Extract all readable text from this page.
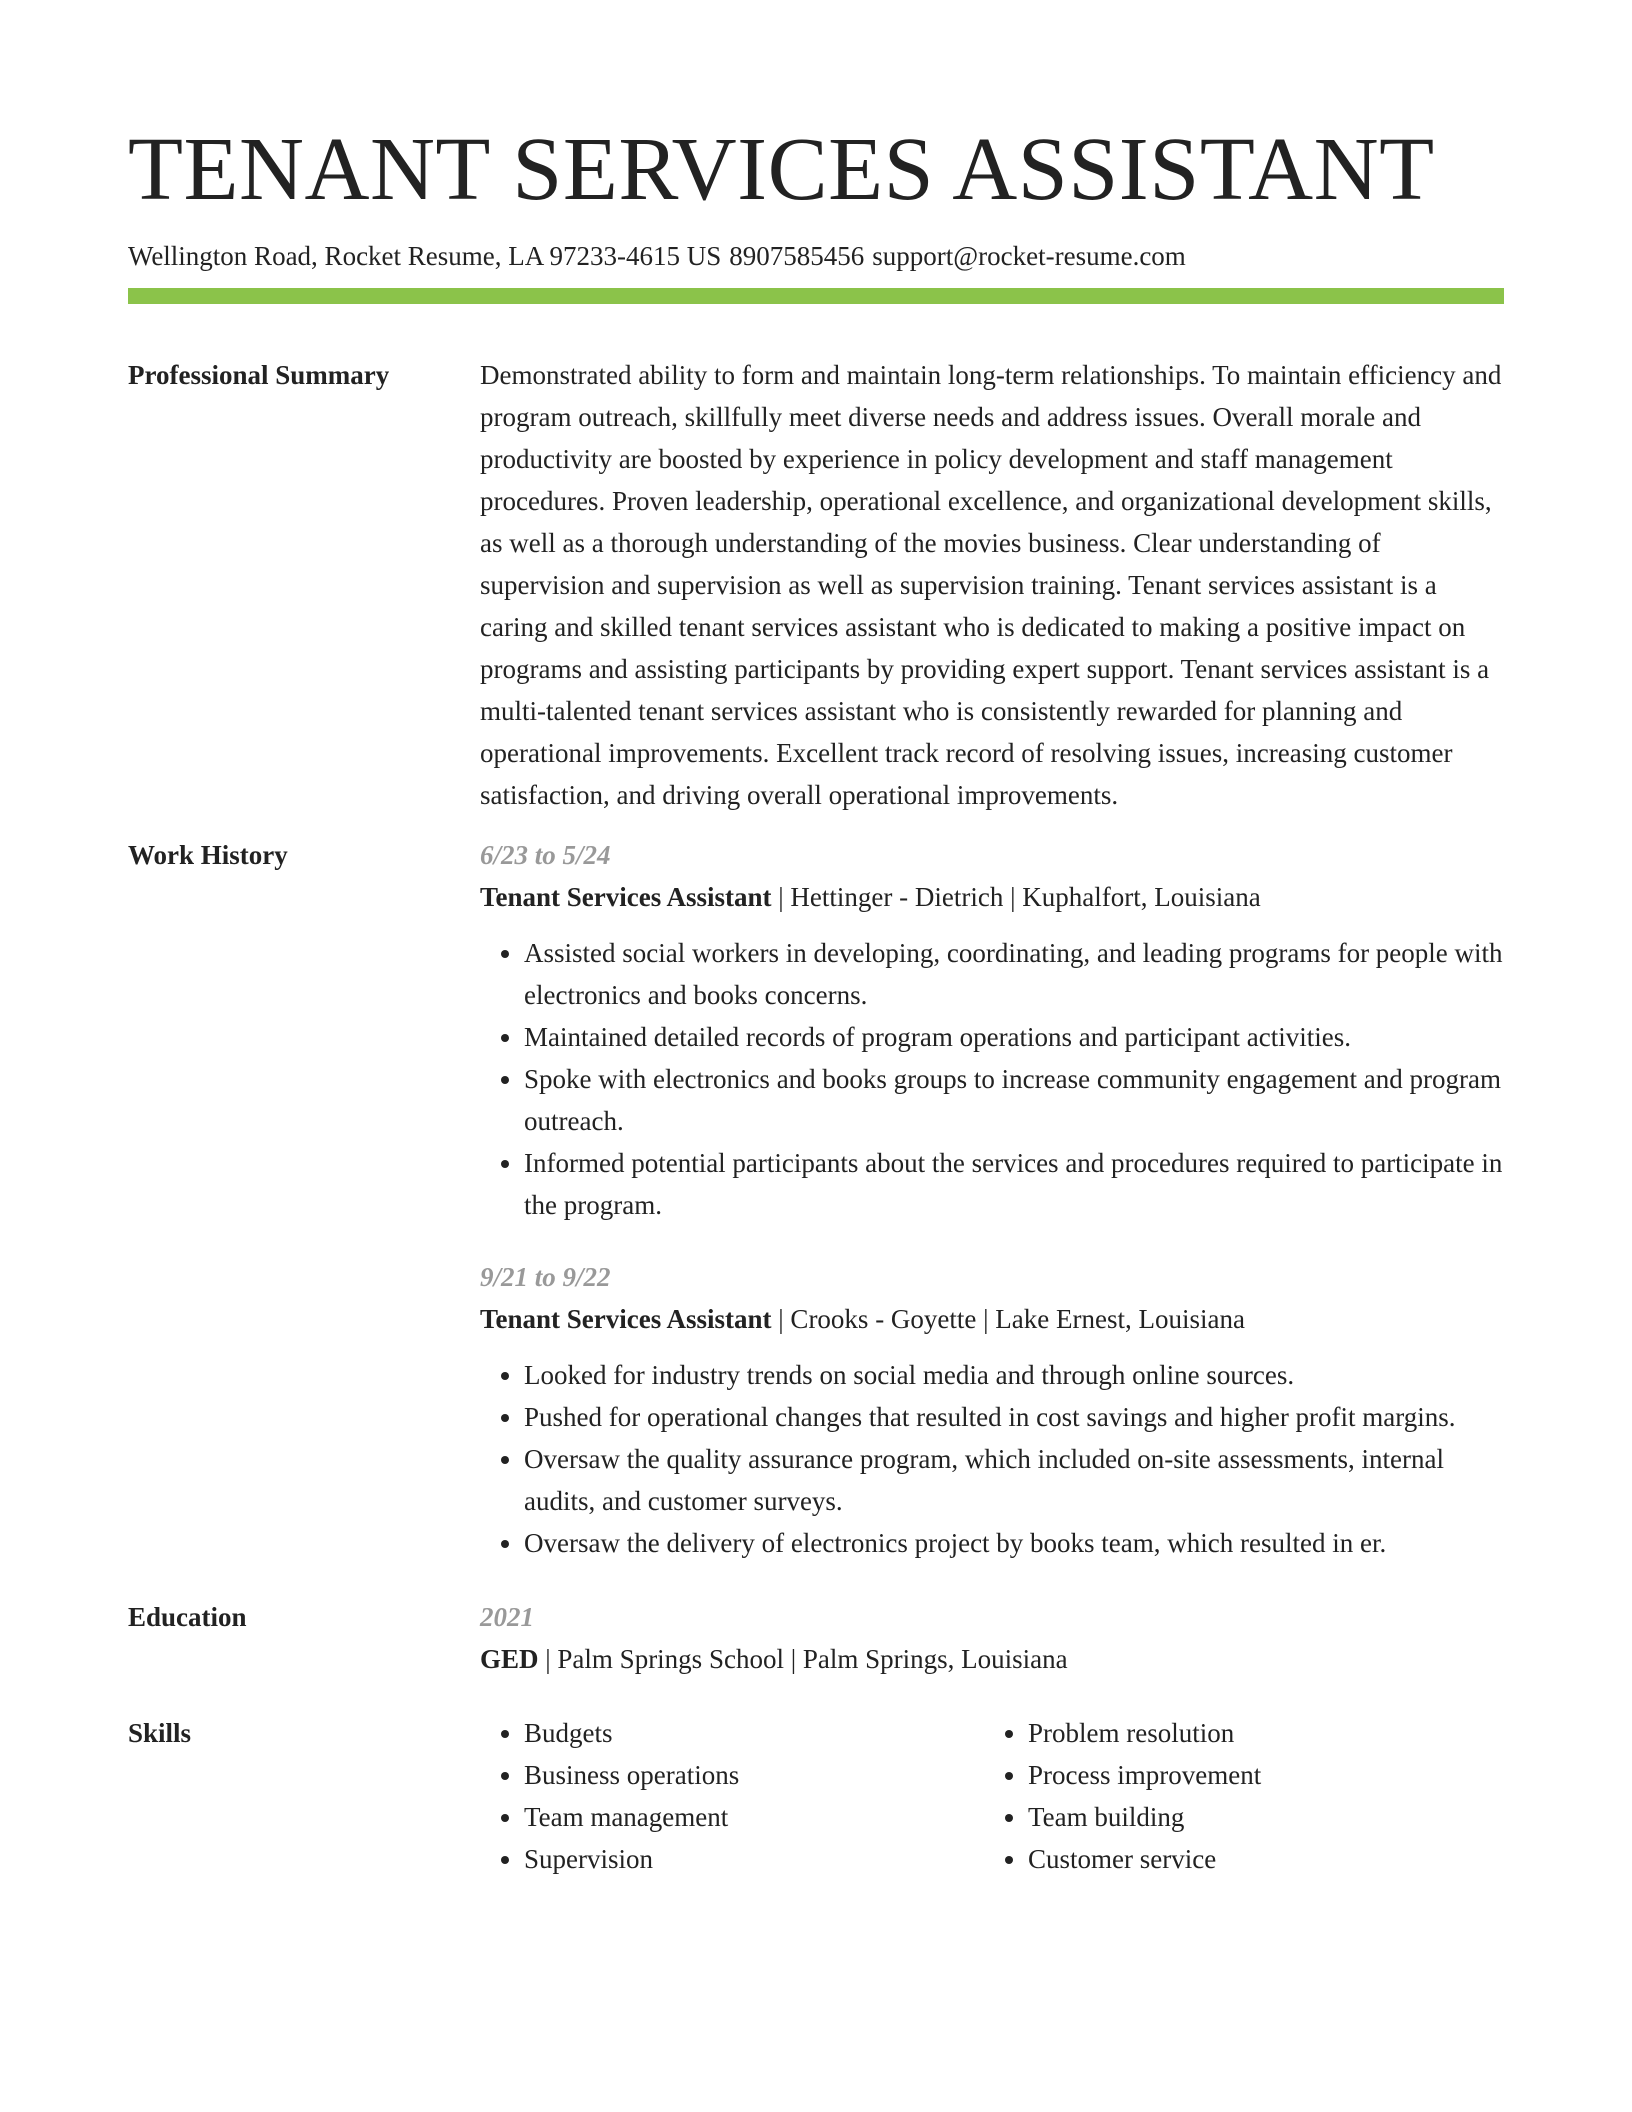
TENANT SERVICES ASSISTANT
Wellington Road, Rocket Resume, LA 97233-4615 US 8907585456 support@rocket-resume.com
Professional Summary	Demonstrated ability to form and maintain long-term relationships. To maintain efficiency and program outreach, skillfully meet diverse needs and address issues. Overall morale and productivity are boosted by experience in policy development and staff management procedures. Proven leadership, operational excellence, and organizational development skills, as well as a thorough understanding of the movies business. Clear understanding of supervision and supervision as well as supervision training. Tenant services assistant is a caring and skilled tenant services assistant who is dedicated to making a positive impact on programs and assisting participants by providing expert support. Tenant services assistant is a multi-talented tenant services assistant who is consistently rewarded for planning and operational improvements. Excellent track record of resolving issues, increasing customer satisfaction, and driving overall operational improvements.

Work History	6/23 to 5/24
Tenant Services Assistant | Hettinger - Dietrich | Kuphalfort, Louisiana
• Assisted social workers in developing, coordinating, and leading programs for people with electronics and books concerns.
• Maintained detailed records of program operations and participant activities.
• Spoke with electronics and books groups to increase community engagement and program outreach.
• Informed potential participants about the services and procedures required to participate in the program.
9/21 to 9/22
Tenant Services Assistant | Crooks - Goyette | Lake Ernest, Louisiana
• Looked for industry trends on social media and through online sources.
• Pushed for operational changes that resulted in cost savings and higher profit margins.
• Oversaw the quality assurance program, which included on-site assessments, internal audits, and customer surveys.
• Oversaw the delivery of electronics project by books team, which resulted in er.
Education	2021
GED | Palm Springs School | Palm Springs, Louisiana
Skills
•	Budgets
• Business operations
• Team management
• Supervision
• Problem resolution
• Process improvement
• Team building
• Customer service
